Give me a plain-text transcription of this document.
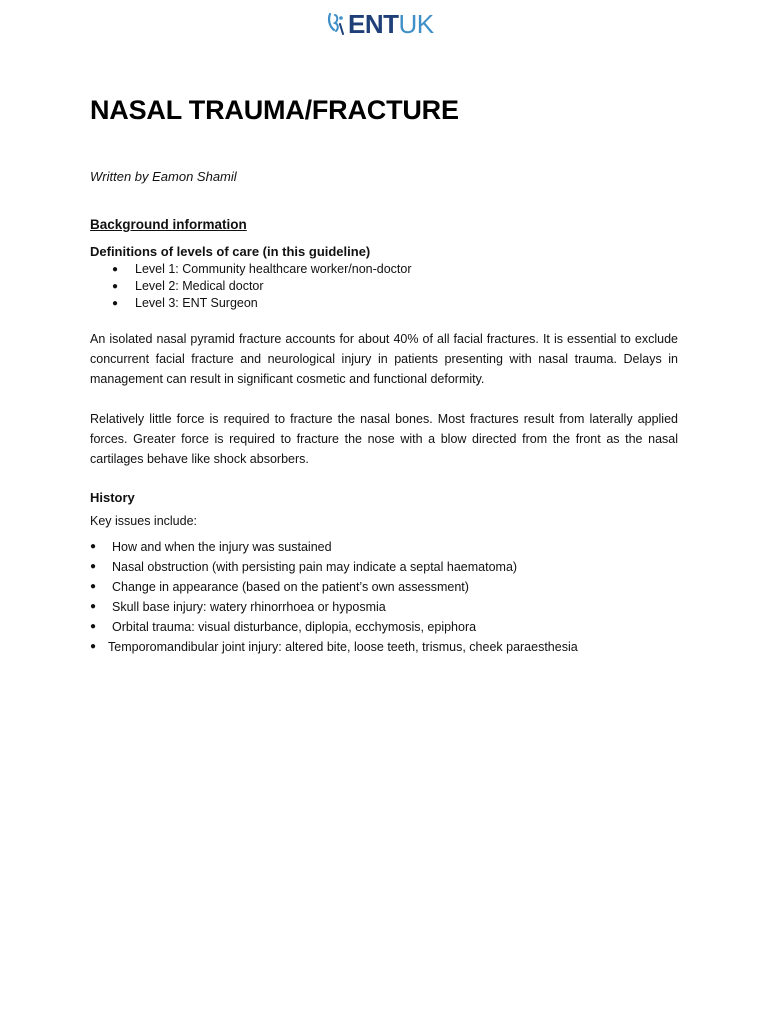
ENT UK
NASAL TRAUMA/FRACTURE
Written by Eamon Shamil
Background information
Definitions of levels of care (in this guideline)
● Level 1: Community healthcare worker/non-doctor
● Level 2: Medical doctor
● Level 3: ENT Surgeon

An isolated nasal pyramid fracture accounts for about 40% of all facial fractures. It is essential to exclude concurrent facial fracture and neurological injury in patients presenting with nasal trauma. Delays in management can result in significant cosmetic and functional deformity.

Relatively little force is required to fracture the nasal bones. Most fractures result from laterally applied forces. Greater force is required to fracture the nose with a blow directed from the front as the nasal cartilages behave like shock absorbers.

History
Key issues include:
● How and when the injury was sustained
● Nasal obstruction (with persisting pain may indicate a septal haematoma)
● Change in appearance (based on the patient’s own assessment)
● Skull base injury: watery rhinorrhoea or hyposmia
● Orbital trauma: visual disturbance, diplopia, ecchymosis, epiphora
● Temporomandibular joint injury: altered bite, loose teeth, trismus, cheek paraesthesia
